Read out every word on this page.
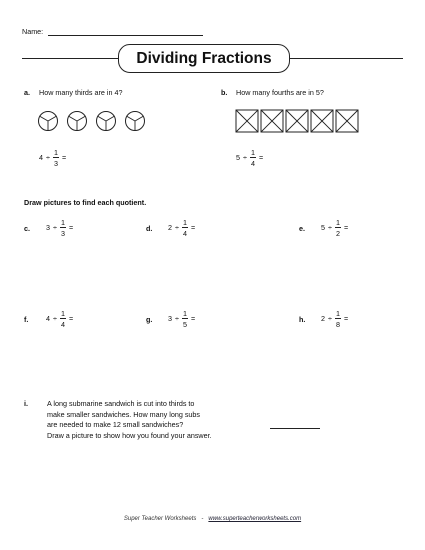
Name:
Dividing Fractions
a. How many thirds are in 4?
$4 \div \frac{1}{3}$ =
b. How many fourths are in 5?
$5 \div \frac{1}{4}$ =
Draw pictures to find each quotient.
c. $3 \div \frac{1}{3}$ =	d. $2 \div \frac{1}{4}$ =	e. $5 \div \frac{1}{2}$ =
f. $4 \div \frac{1}{4}$ =	g. $3 \div \frac{1}{5}$ =	h. $2 \div \frac{1}{8}$ =
i.	A long submarine sandwich is cut into thirds to
make smaller sandwiches. How many long subs
are needed to make 12 small sandwiches?
Draw a picture to show how you found your answer.
Super Teacher Worksheets - www.superteacherworksheets.com
